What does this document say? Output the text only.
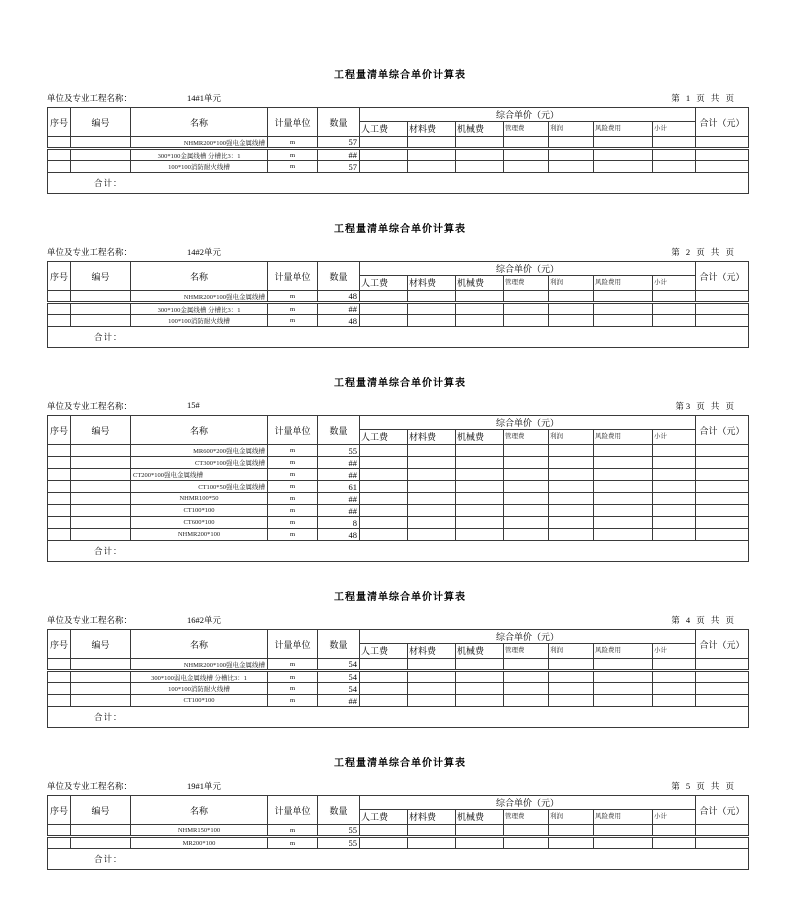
工程量清单综合单价计算表
单位及专业工程名称：	14#1单元	第 1 页 共 页
序号	编号	名称	计量单位	数量	综合单价（元）							合计（元）
					人工费	材料费	机械费	管理费	利润	风险费用	小计	
		NHMR200*100强电金属线槽	m	57								
		300*100金属线槽 分槽比3：1	m	##								
		100*100消防耐火线槽	m	57								
合计：												
工程量清单综合单价计算表
单位及专业工程名称：	14#2单元	第 2 页 共 页
序号	编号	名称	计量单位	数量	综合单价（元）							合计（元）
					人工费	材料费	机械费	管理费	利润	风险费用	小计	
		NHMR200*100强电金属线槽	m	48								
		300*100金属线槽 分槽比3：1	m	##								
		100*100消防耐火线槽	m	48								
合计：												
工程量清单综合单价计算表
单位及专业工程名称：	15#	第3 页 共 页
序号	编号	名称	计量单位	数量	综合单价（元）							合计（元）
					人工费	材料费	机械费	管理费	利润	风险费用	小计	
		MR600*200强电金属线槽	m	55								
		CT300*100强电金属线槽	m	##								
		CT200*100强电金属线槽	m	##								
		CT100*50强电金属线槽	m	61								
		NHMR100*50	m	##								
		CT100*100	m	##								
		CT600*100	m	8								
		NHMR200*100	m	48								
合计：												
工程量清单综合单价计算表
单位及专业工程名称：	16#2单元	第 4 页 共 页
序号	编号	名称	计量单位	数量	综合单价（元）							合计（元）
					人工费	材料费	机械费	管理费	利润	风险费用	小计	
		NHMR200*100强电金属线槽	m	54								
		300*100弱电金属线槽 分槽比3：1	m	54								
		100*100消防耐火线槽	m	54								
		CT100*100	m	##								
合计：												
工程量清单综合单价计算表
单位及专业工程名称：	19#1单元	第 5 页 共 页
序号	编号	名称	计量单位	数量	综合单价（元）							合计（元）
					人工费	材料费	机械费	管理费	利润	风险费用	小计	
		NHMR150*100	m	55								
		MR200*100	m	55								
合计：												
